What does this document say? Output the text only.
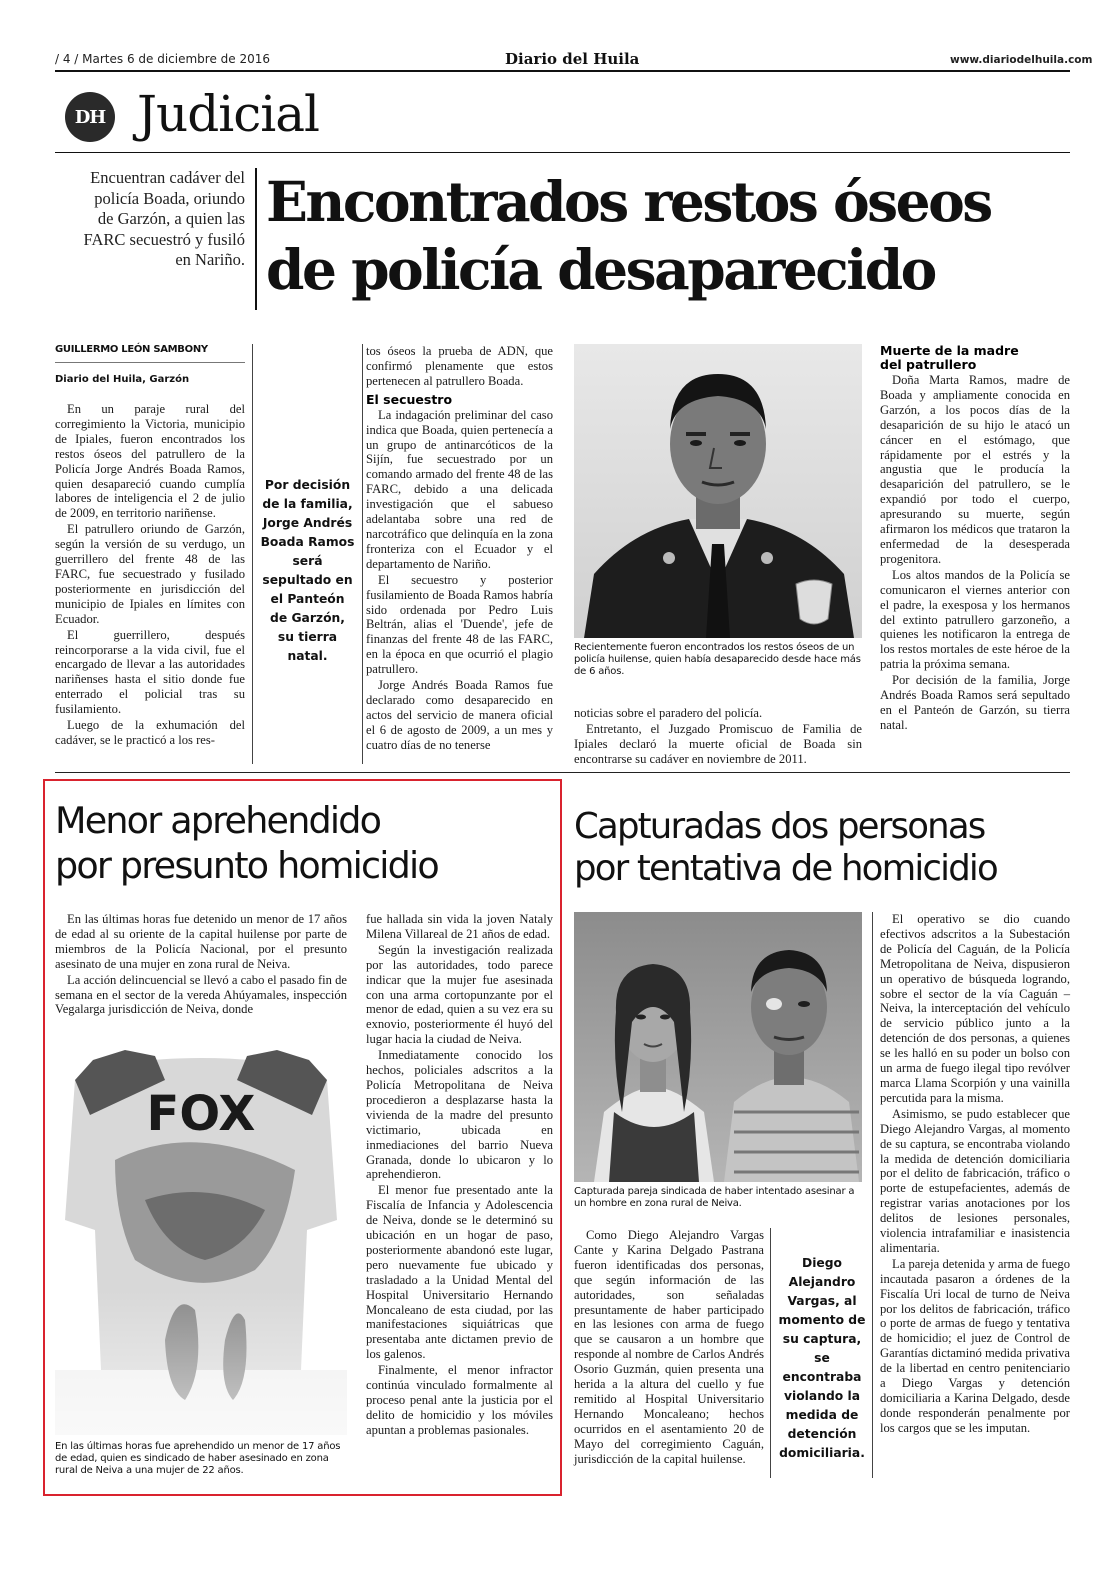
/ 4 / Martes 6 de diciembre de 2016	Diario del Huila	www.diariodelhuila.com
DH Judicial
Encuentran cadáver del policía Boada, oriundo de Garzón, a quien las FARC secuestró y fusiló en Nariño.
Encontrados restos óseos
de policía desaparecido
GUILLERMO LEÓN SAMBONY
Diario del Huila, Garzón

En un paraje rural del corregimiento la Victoria, municipio de Ipiales, fueron encontrados los restos óseos del patrullero de la Policía Jorge Andrés Boada Ramos, quien desapareció cuando cumplía labores de inteligencia el 2 de julio de 2009, en territorio nariñense.

El patrullero oriundo de Garzón, según la versión de su verdugo, un guerrillero del frente 48 de las FARC, fue secuestrado y fusilado posteriormente en jurisdicción del municipio de Ipiales en límites con Ecuador.

El guerrillero, después reincorporarse a la vida civil, fue el encargado de llevar a las autoridades nariñenses hasta el sitio donde fue enterrado el policial tras su fusilamiento.

Luego de la exhumación del cadáver, se le practicó a los res-

Por decisión de la familia, Jorge Andrés Boada Ramos será sepultado en el Panteón de Garzón, su tierra natal.

tos óseos la prueba de ADN, que confirmó plenamente que estos pertenecen al patrullero Boada.

El secuestro

La indagación preliminar del caso indica que Boada, quien pertenecía a un grupo de antinarcóticos de la Sijín, fue secuestrado por un comando armado del frente 48 de las FARC, debido a una delicada investigación que el sabueso adelantaba sobre una red de narcotráfico que delinquía en la zona fronteriza con el Ecuador y el departamento de Nariño.

El secuestro y posterior fusilamiento de Boada Ramos habría sido ordenada por Pedro Luis Beltrán, alias el 'Duende', jefe de finanzas del frente 48 de las FARC, en la época en que ocurrió el plagio patrullero.

Jorge Andrés Boada Ramos fue declarado como desaparecido en actos del servicio de manera oficial el 6 de agosto de 2009, a un mes y cuatro días de no tenerse

Recientemente fueron encontrados los restos óseos de un policía huilense, quien había desaparecido desde hace más de 6 años.

noticias sobre el paradero del policía.

Entretanto, el Juzgado Promiscuo de Familia de Ipiales declaró la muerte oficial de Boada sin encontrarse su cadáver en noviembre de 2011.

Muerte de la madre
del patrullero

Doña Marta Ramos, madre de Boada y ampliamente conocida en Garzón, a los pocos días de la desaparición de su hijo le atacó un cáncer en el estómago, que rápidamente por el estrés y la angustia que le producía la desaparición del patrullero, se le expandió por todo el cuerpo, apresurando su muerte, según afirmaron los médicos que trataron la enfermedad de la desesperada progenitora.

Los altos mandos de la Policía se comunicaron el viernes anterior con el padre, la exesposa y los hermanos del extinto patrullero garzoneño, a quienes les notificaron la entrega de los restos mortales de este héroe de la patria la próxima semana.

Por decisión de la familia, Jorge Andrés Boada Ramos será sepultado en el Panteón de Garzón, su tierra natal.

Menor aprehendido
por presunto homicidio

En las últimas horas fue detenido un menor de 17 años de edad al su oriente de la capital huilense por parte de miembros de la Policía Nacional, por el presunto asesinato de una mujer en zona rural de Neiva.

La acción delincuencial se llevó a cabo el pasado fin de semana en el sector de la vereda Ahúyamales, inspección Vegalarga jurisdicción de Neiva, donde

FOX
En las últimas horas fue aprehendido un menor de 17 años de edad, quien es sindicado de haber asesinado en zona rural de Neiva a una mujer de 22 años.

fue hallada sin vida la joven Nataly Milena Villareal de 21 años de edad.

Según la investigación realizada por las autoridades, todo parece indicar que la mujer fue asesinada con una arma cortopunzante por el menor de edad, quien a su vez era su exnovio, posteriormente él huyó del lugar hacia la ciudad de Neiva.

Inmediatamente conocido los hechos, policiales adscritos a la Policía Metropolitana de Neiva procedieron a desplazarse hasta la vivienda de la madre del presunto victimario, ubicada en inmediaciones del barrio Nueva Granada, donde lo ubicaron y lo aprehendieron.

El menor fue presentado ante la Fiscalía de Infancia y Adolescencia de Neiva, donde se le determinó su ubicación en un hogar de paso, posteriormente abandonó este lugar, pero nuevamente fue ubicado y trasladado a la Unidad Mental del Hospital Universitario Hernando Moncaleano de esta ciudad, por las manifestaciones siquiátricas que presentaba ante dictamen previo de los galenos.

Finalmente, el menor infractor continúa vinculado formalmente al proceso penal ante la justicia por el delito de homicidio y los móviles apuntan a problemas pasionales.

Capturadas dos personas
por tentativa de homicidio
Capturada pareja sindicada de haber intentado asesinar a un hombre en zona rural de Neiva.

Como Diego Alejandro Vargas Cante y Karina Delgado Pastrana fueron identificadas dos personas, que según información de las autoridades, son señaladas presuntamente de haber participado en las lesiones con arma de fuego que se causaron a un hombre que responde al nombre de Carlos Andrés Osorio Guzmán, quien presenta una herida a la altura del cuello y fue remitido al Hospital Universitario Hernando Moncaleano; hechos ocurridos en el asentamiento 20 de Mayo del corregimiento Caguán, jurisdicción de la capital huilense.

Diego Alejandro Vargas, al momento de su captura, se encontraba violando la medida de detención domiciliaria.

El operativo se dio cuando efectivos adscritos a la Subestación de Policía del Caguán, de la Policía Metropolitana de Neiva, dispusieron un operativo de búsqueda logrando, sobre el sector de la vía Caguán – Neiva, la interceptación del vehículo de servicio público junto a la detención de dos personas, a quienes se les halló en su poder un bolso con un arma de fuego ilegal tipo revólver marca Llama Scorpión y una vainilla percutida para la misma.

Asimismo, se pudo establecer que Diego Alejandro Vargas, al momento de su captura, se encontraba violando la medida de detención domiciliaria por el delito de fabricación, tráfico o porte de estupefacientes, además de registrar varias anotaciones por los delitos de lesiones personales, violencia intrafamiliar e inasistencia alimentaria.

La pareja detenida y arma de fuego incautada pasaron a órdenes de la Fiscalía Uri local de turno de Neiva por los delitos de fabricación, tráfico o porte de armas de fuego y tentativa de homicidio; el juez de Control de Garantías dictaminó medida privativa de la libertad en centro penitenciario a Diego Vargas y detención domiciliaria a Karina Delgado, desde donde responderán penalmente por los cargos que se les imputan.
